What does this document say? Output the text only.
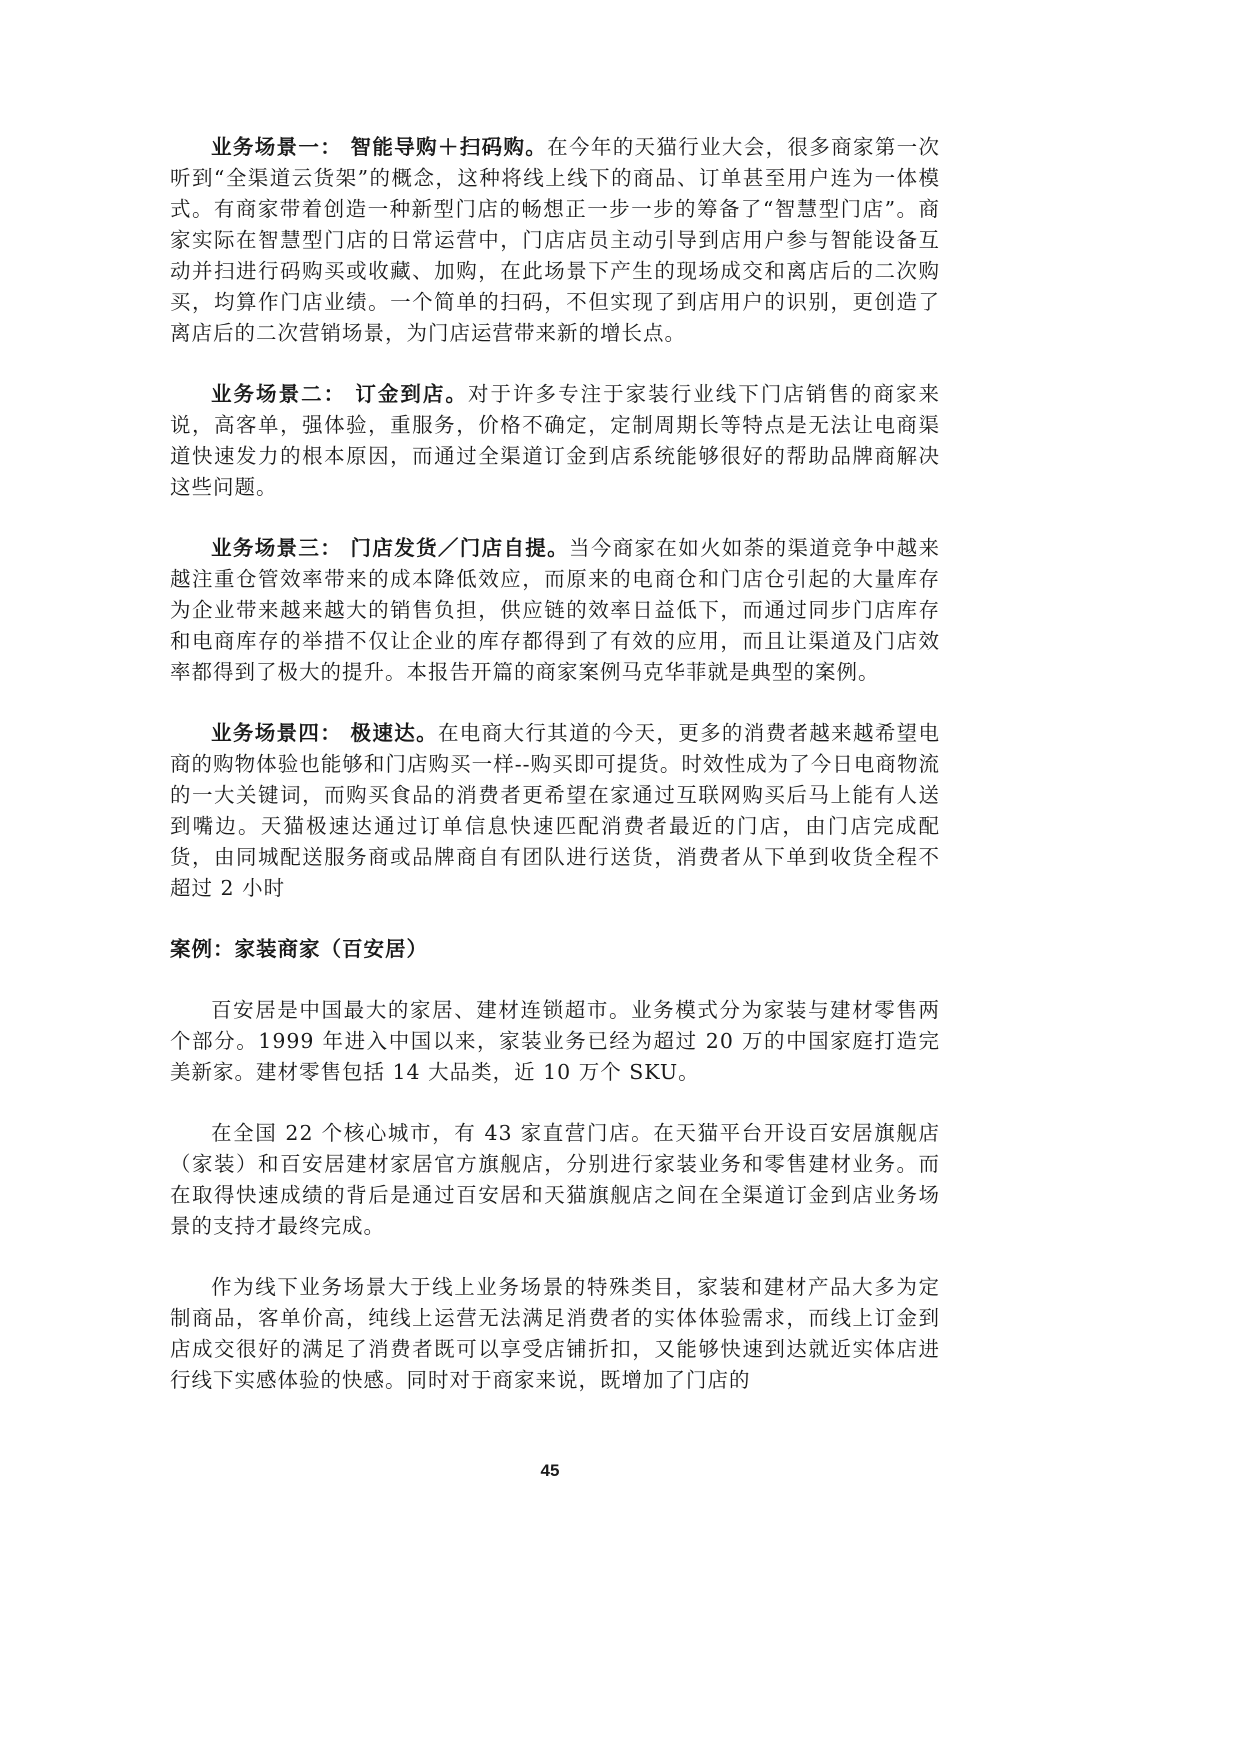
业务场景一： 智能导购＋扫码购。在今年的天猫行业大会，很多商家第一次听到“全渠道云货架”的概念，这种将线上线下的商品、订单甚至用户连为一体模式。有商家带着创造一种新型门店的畅想正一步一步的筹备了“智慧型门店”。商家实际在智慧型门店的日常运营中，门店店员主动引导到店用户参与智能设备互动并扫进行码购买或收藏、加购，在此场景下产生的现场成交和离店后的二次购买，均算作门店业绩。一个简单的扫码，不但实现了到店用户的识别，更创造了离店后的二次营销场景，为门店运营带来新的增长点。

业务场景二： 订金到店。对于许多专注于家装行业线下门店销售的商家来说，高客单，强体验，重服务，价格不确定，定制周期长等特点是无法让电商渠道快速发力的根本原因，而通过全渠道订金到店系统能够很好的帮助品牌商解决这些问题。

业务场景三： 门店发货／门店自提。当今商家在如火如荼的渠道竞争中越来越注重仓管效率带来的成本降低效应，而原来的电商仓和门店仓引起的大量库存为企业带来越来越大的销售负担，供应链的效率日益低下，而通过同步门店库存和电商库存的举措不仅让企业的库存都得到了有效的应用，而且让渠道及门店效率都得到了极大的提升。本报告开篇的商家案例马克华菲就是典型的案例。

业务场景四： 极速达。在电商大行其道的今天，更多的消费者越来越希望电商的购物体验也能够和门店购买一样--购买即可提货。时效性成为了今日电商物流的一大关键词，而购买食品的消费者更希望在家通过互联网购买后马上能有人送到嘴边。天猫极速达通过订单信息快速匹配消费者最近的门店，由门店完成配货，由同城配送服务商或品牌商自有团队进行送货，消费者从下单到收货全程不超过 2 小时

案例：家装商家（百安居）

百安居是中国最大的家居、建材连锁超市。业务模式分为家装与建材零售两个部分。1999 年进入中国以来，家装业务已经为超过 20 万的中国家庭打造完美新家。建材零售包括 14 大品类，近 10 万个 SKU。

在全国 22 个核心城市，有 43 家直营门店。在天猫平台开设百安居旗舰店（家装）和百安居建材家居官方旗舰店，分别进行家装业务和零售建材业务。而在取得快速成绩的背后是通过百安居和天猫旗舰店之间在全渠道订金到店业务场景的支持才最终完成。

作为线下业务场景大于线上业务场景的特殊类目，家装和建材产品大多为定制商品，客单价高，纯线上运营无法满足消费者的实体体验需求，而线上订金到店成交很好的满足了消费者既可以享受店铺折扣，又能够快速到达就近实体店进行线下实感体验的快感。同时对于商家来说，既增加了门店的

45
